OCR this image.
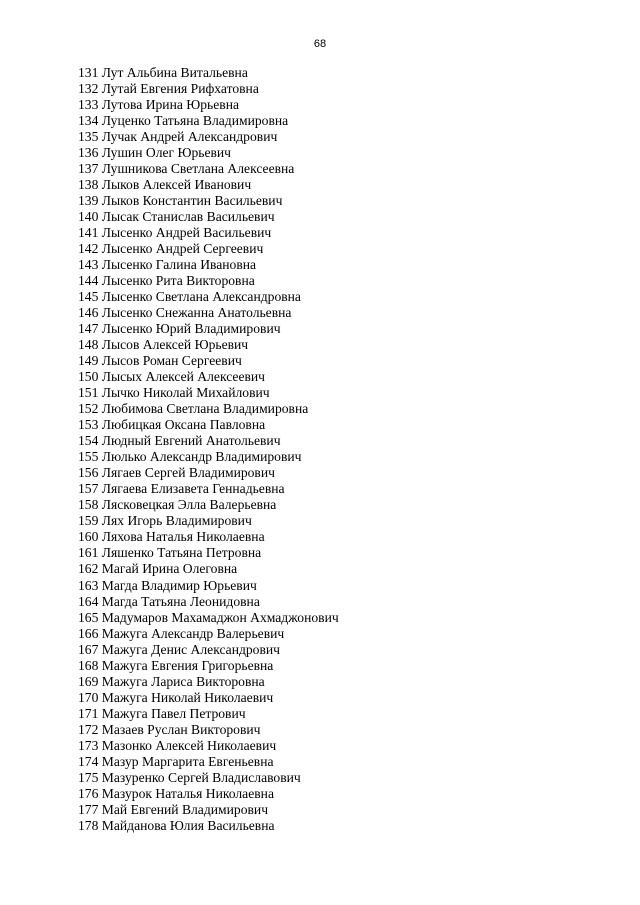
68
131 Лут Альбина Витальевна
132 Лутай Евгения Рифхатовна
133 Лутова Ирина Юрьевна
134 Луценко Татьяна Владимировна
135 Лучак Андрей Александрович
136 Лушин Олег Юрьевич
137 Лушникова Светлана Алексеевна
138 Лыков Алексей Иванович
139 Лыков Константин Васильевич
140 Лысак Станислав Васильевич
141 Лысенко Андрей Васильевич
142 Лысенко Андрей Сергеевич
143 Лысенко Галина Ивановна
144 Лысенко Рита Викторовна
145 Лысенко Светлана Александровна
146 Лысенко Снежанна Анатольевна
147 Лысенко Юрий Владимирович
148 Лысов Алексей Юрьевич
149 Лысов Роман Сергеевич
150 Лысых Алексей Алексеевич
151 Лычко Николай Михайлович
152 Любимова Светлана Владимировна
153 Любицкая Оксана Павловна
154 Людный Евгений Анатольевич
155 Люлько Александр Владимирович
156 Лягаев Сергей Владимирович
157 Лягаева Елизавета Геннадьевна
158 Лясковецкая Элла Валерьевна
159 Лях Игорь Владимирович
160 Ляхова Наталья Николаевна
161 Ляшенко Татьяна Петровна
162 Магай Ирина Олеговна
163 Магда Владимир Юрьевич
164 Магда Татьяна Леонидовна
165 Мадумаров Махамаджон Ахмаджонович
166 Мажуга Александр Валерьевич
167 Мажуга Денис Александрович
168 Мажуга Евгения Григорьевна
169 Мажуга Лариса Викторовна
170 Мажуга Николай Николаевич
171 Мажуга Павел Петрович
172 Мазаев Руслан Викторович
173 Мазонко Алексей Николаевич
174 Мазур Маргарита Евгеньевна
175 Мазуренко Сергей Владиславович
176 Мазурок Наталья Николаевна
177 Май Евгений Владимирович
178 Майданова Юлия Васильевна
